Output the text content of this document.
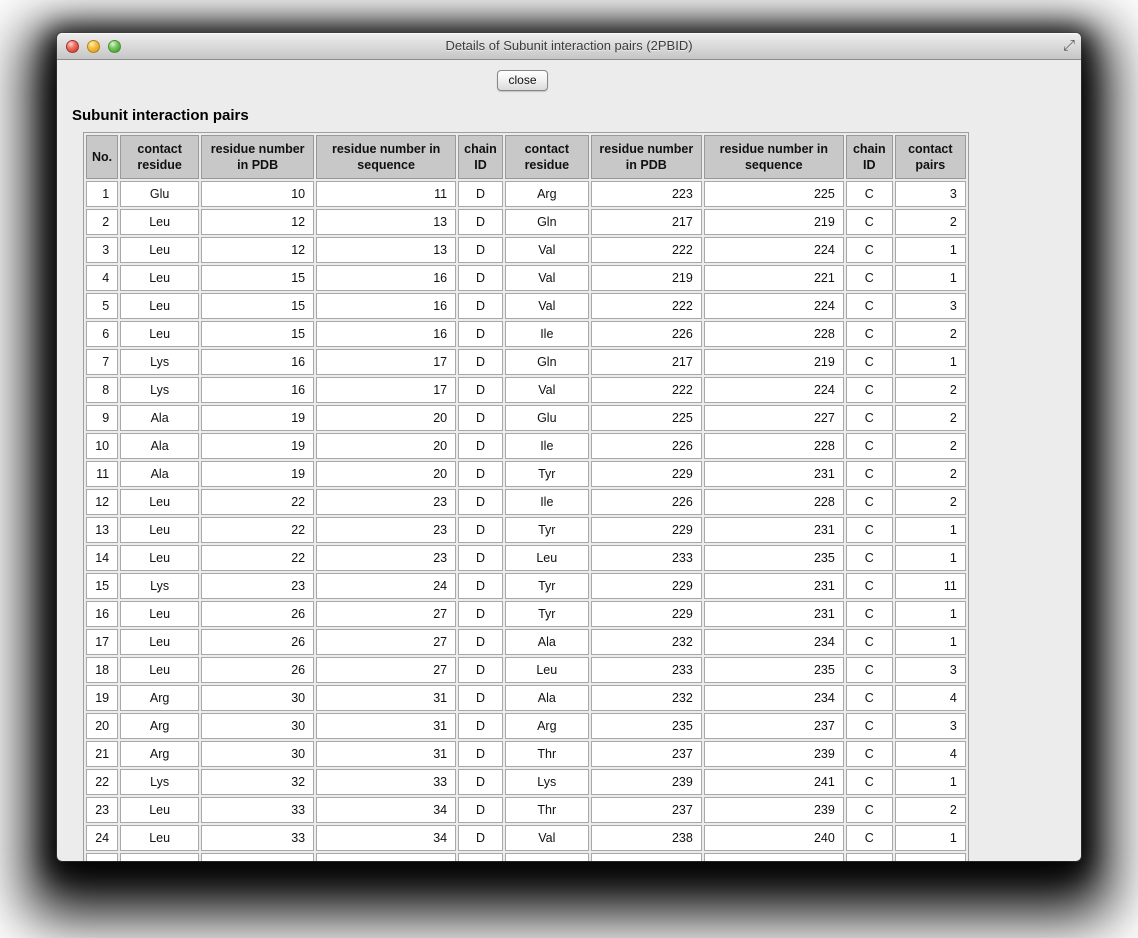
Details of Subunit interaction pairs (2PBID)	⤢
close
Subunit interaction pairs
No.	contact residue	residue number in PDB	residue number in sequence	chain ID	contact residue	residue number in PDB	residue number in sequence	chain ID	contact pairs
1	Glu	10	11	D	Arg	223	225	C	3
2	Leu	12	13	D	Gln	217	219	C	2
3	Leu	12	13	D	Val	222	224	C	1
4	Leu	15	16	D	Val	219	221	C	1
5	Leu	15	16	D	Val	222	224	C	3
6	Leu	15	16	D	Ile	226	228	C	2
7	Lys	16	17	D	Gln	217	219	C	1
8	Lys	16	17	D	Val	222	224	C	2
9	Ala	19	20	D	Glu	225	227	C	2
10	Ala	19	20	D	Ile	226	228	C	2
11	Ala	19	20	D	Tyr	229	231	C	2
12	Leu	22	23	D	Ile	226	228	C	2
13	Leu	22	23	D	Tyr	229	231	C	1
14	Leu	22	23	D	Leu	233	235	C	1
15	Lys	23	24	D	Tyr	229	231	C	11
16	Leu	26	27	D	Tyr	229	231	C	1
17	Leu	26	27	D	Ala	232	234	C	1
18	Leu	26	27	D	Leu	233	235	C	3
19	Arg	30	31	D	Ala	232	234	C	4
20	Arg	30	31	D	Arg	235	237	C	3
21	Arg	30	31	D	Thr	237	239	C	4
22	Lys	32	33	D	Lys	239	241	C	1
23	Leu	33	34	D	Thr	237	239	C	2
24	Leu	33	34	D	Val	238	240	C	1
